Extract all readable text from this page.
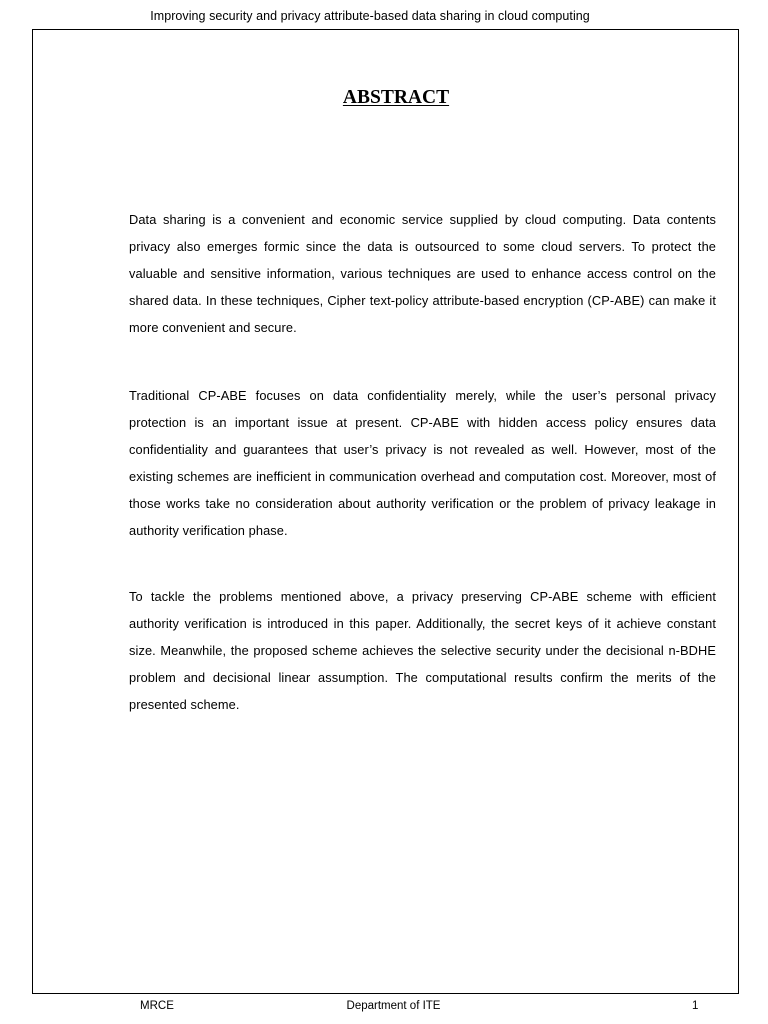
Improving security and privacy attribute-based data sharing in cloud computing
ABSTRACT

Data sharing is a convenient and economic service supplied by cloud computing. Data contents privacy also emerges formic since the data is outsourced to some cloud servers. To protect the valuable and sensitive information, various techniques are used to enhance access control on the shared data. In these techniques, Cipher text-policy attribute-based encryption (CP-ABE) can make it more convenient and secure.

Traditional CP-ABE focuses on data confidentiality merely, while the user’s personal privacy protection is an important issue at present. CP-ABE with hidden access policy ensures data confidentiality and guarantees that user’s privacy is not revealed as well. However, most of the existing schemes are inefficient in communication overhead and computation cost. Moreover, most of those works take no consideration about authority verification or the problem of privacy leakage in authority verification phase.

To tackle the problems mentioned above, a privacy preserving CP-ABE scheme with efficient authority verification is introduced in this paper. Additionally, the secret keys of it achieve constant size. Meanwhile, the proposed scheme achieves the selective security under the decisional n-BDHE problem and decisional linear assumption. The computational results confirm the merits of the presented scheme.

MRCE	Department of ITE	1
